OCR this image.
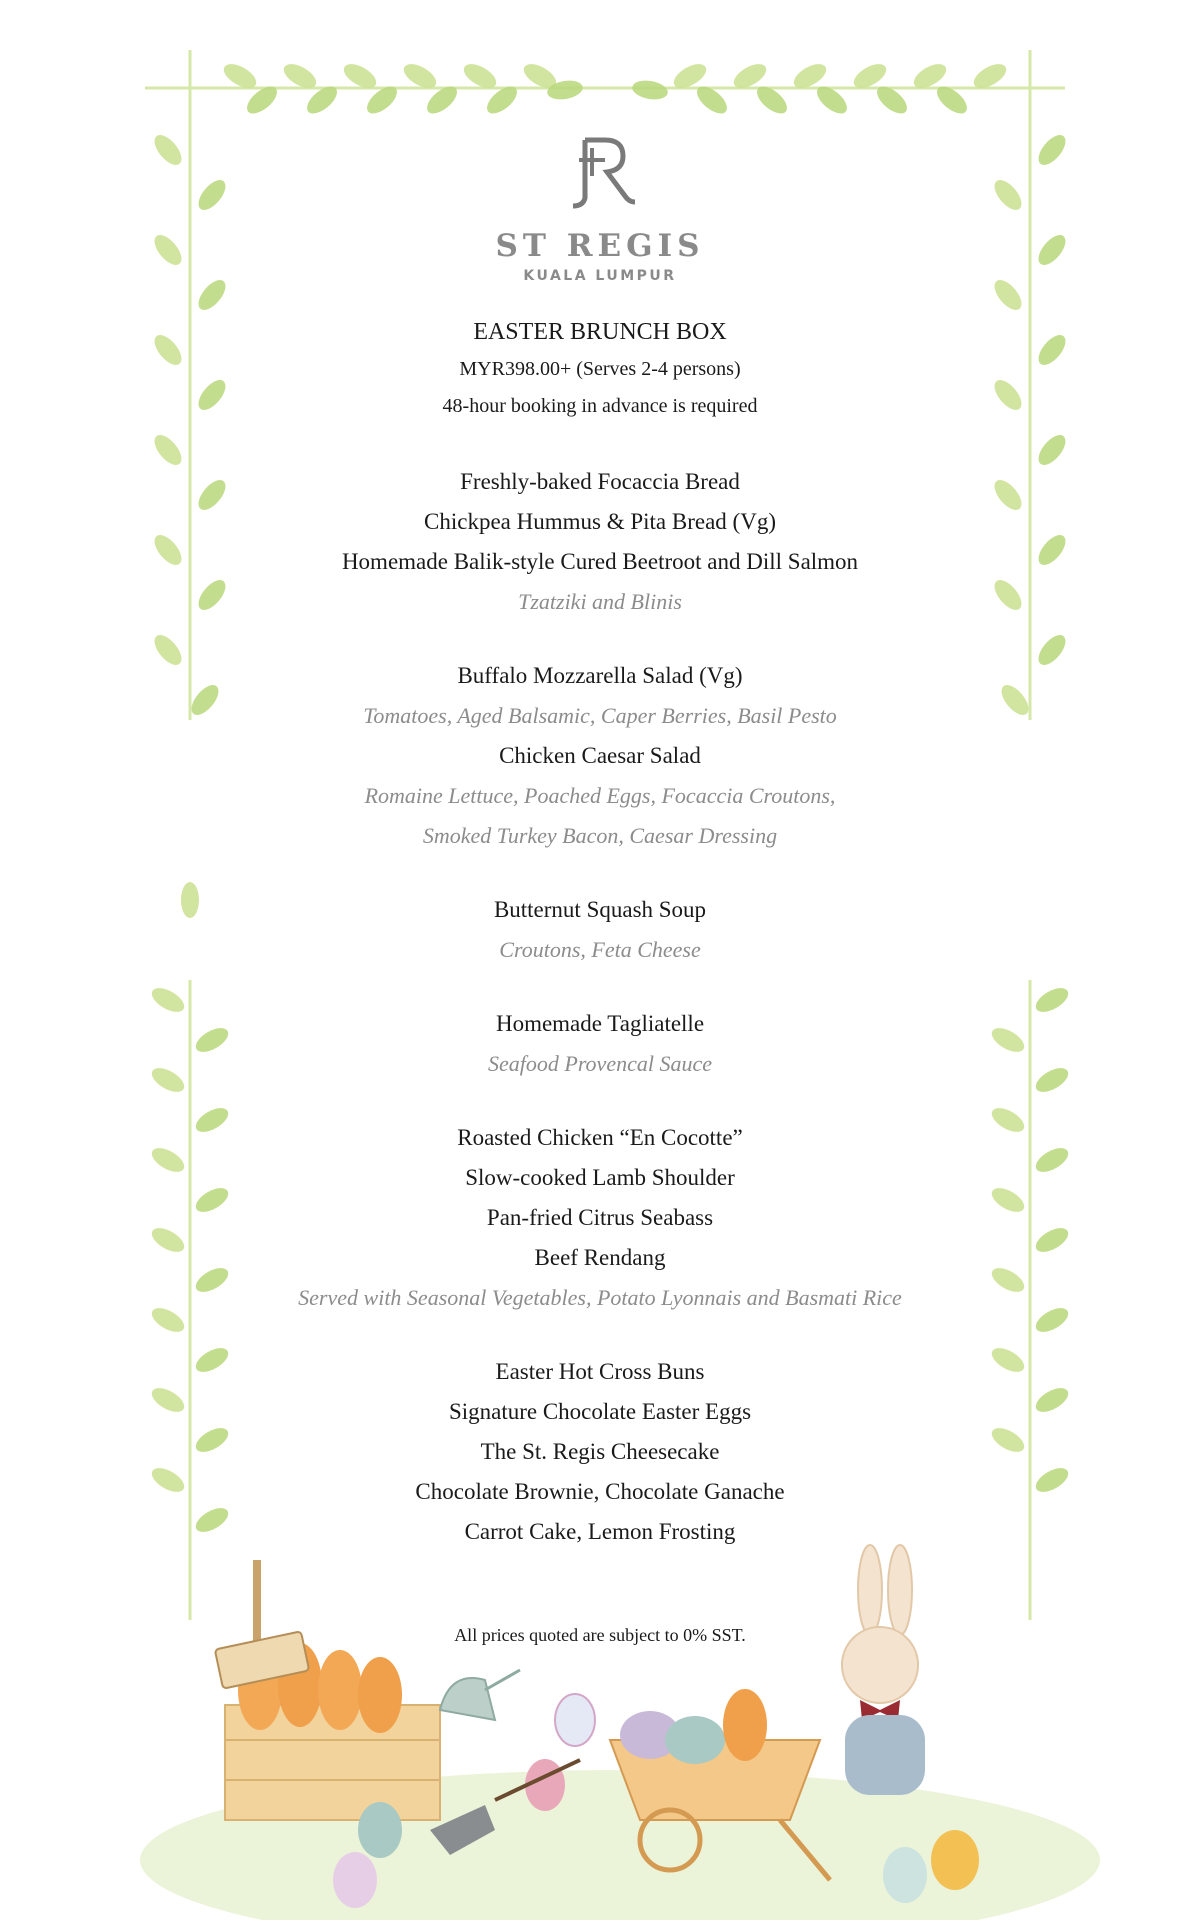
ST REGIS
KUALA LUMPUR
EASTER BRUNCH BOX
MYR398.00+ (Serves 2-4 persons)
48-hour booking in advance is required
Freshly-baked Focaccia Bread
Chickpea Hummus & Pita Bread (Vg)
Homemade Balik-style Cured Beetroot and Dill Salmon
Tzatziki and Blinis
Buffalo Mozzarella Salad (Vg)
Tomatoes, Aged Balsamic, Caper Berries, Basil Pesto
Chicken Caesar Salad
Romaine Lettuce, Poached Eggs, Focaccia Croutons,
Smoked Turkey Bacon, Caesar Dressing
Butternut Squash Soup
Croutons, Feta Cheese
Homemade Tagliatelle
Seafood Provencal Sauce
Roasted Chicken “En Cocotte”
Slow-cooked Lamb Shoulder
Pan-fried Citrus Seabass
Beef Rendang
Served with Seasonal Vegetables, Potato Lyonnais and Basmati Rice
Easter Hot Cross Buns
Signature Chocolate Easter Eggs
The St. Regis Cheesecake
Chocolate Brownie, Chocolate Ganache
Carrot Cake, Lemon Frosting
All prices quoted are subject to 0% SST.
